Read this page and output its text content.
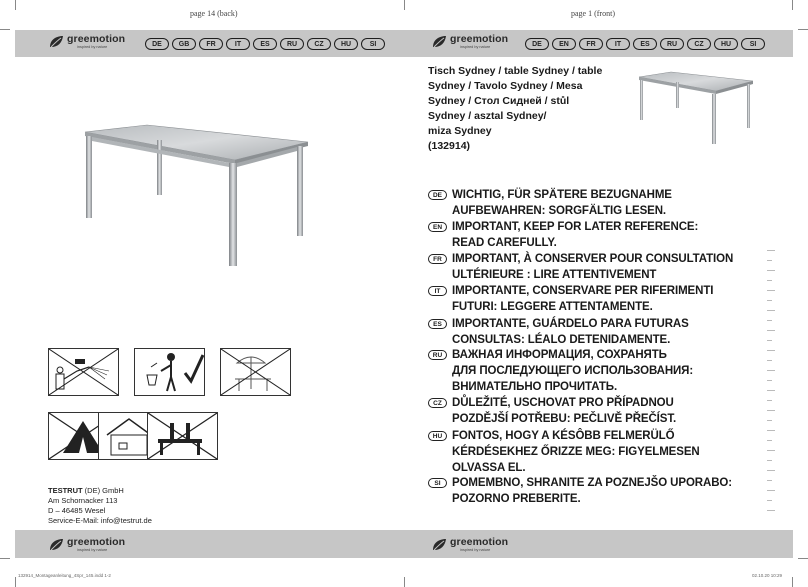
page 14 (back)	page 1 (front)
greemotion
inspired by nature
greemotion
inspired by nature
DE	GB	FR	IT	ES	RU	CZ	HU	SI	DE	EN	FR	IT	ES	RU	CZ	HU	SI
Tisch Sydney / table Sydney / table
Sydney / Tavolo Sydney / Mesa
Sydney / Стол Сидней / stůl
Sydney / asztal Sydney/
miza Sydney
(132914)
DE WICHTIG, FÜR SPÄTERE BEZUGNAHME
AUFBEWAHREN: SORGFÄLTIG LESEN.
EN IMPORTANT, KEEP FOR LATER REFERENCE:
READ CAREFULLY.
FR IMPORTANT, À CONSERVER POUR CONSULTATION
ULTÉRIEURE : LIRE ATTENTIVEMENT
IT	IMPORTANTE, CONSERVARE PER RIFERIMENTI
FUTURI: LEGGERE ATTENTAMENTE.
ES IMPORTANTE, GUÁRDELO PARA FUTURAS
CONSULTAS: LÉALO DETENIDAMENTE.
RU ВАЖНАЯ ИНФОРМАЦИЯ, СОХРАНЯТЬ
ДЛЯ ПОСЛЕДУЮЩЕГО ИСПОЛЬЗОВАНИЯ:
ВНИМАТЕЛЬНО ПРОЧИТАТЬ.
CZ DŮLEŽITÉ, USCHOVAT PRO PŘÍPADNOU
POZDĚJŠÍ POTŘEBU: PEČLIVĚ PŘEČÍST.
HU FONTOS, HOGY A KÉSÔBB FELMERÜLŐ
KÉRDÉSEKHEZ ŐRIZZE MEG: FIGYELMESEN
OLVASSA EL.
SI POMEMBNO, SHRANITE ZA POZNEJŠO UPORABO:
POZORNO PREBERITE.
TESTRUT (DE) GmbH
Am Schornacker 113
D – 46485 Wesel
Service-E-Mail: info@testrut.de
greemotion
inspired by nature
greemotion
inspired by nature
132914_Montageanleitung_4Spr_145.indd 1-2	02.10.20 10:29
